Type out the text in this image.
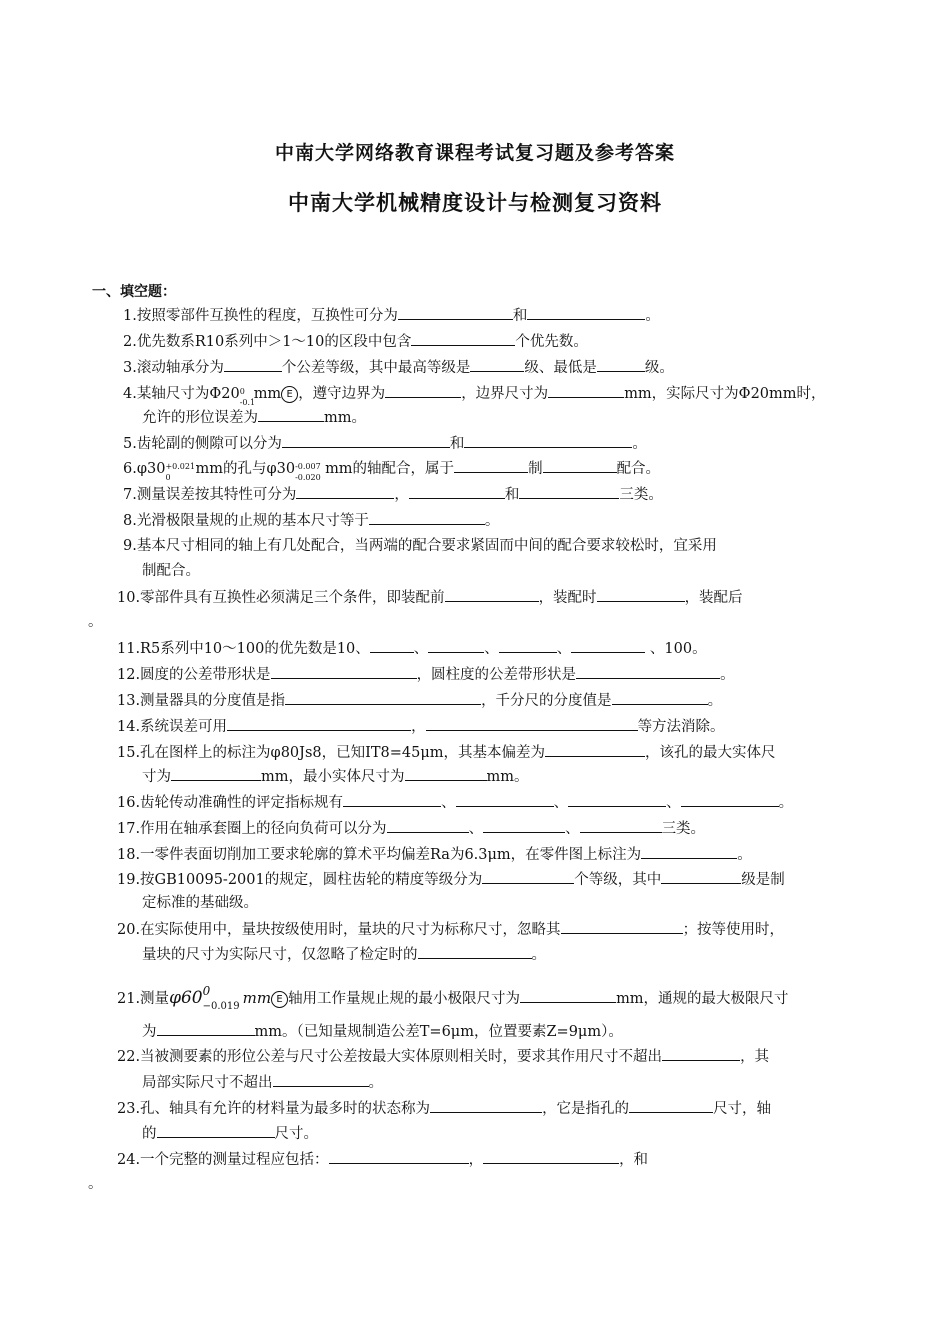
中南大学网络教育课程考试复习题及参考答案
中南大学机械精度设计与检测复习资料
一、填空题：
1.按照零部件互换性的程度，互换性可分为	和	。
2.优先数系R10系列中＞1～10的区段中包含	个优先数。
3.滚动轴承分为	个公差等级，其中最高等级是	级、最低是	级。
4.某轴尺寸为Φ20 0
-0.1
mm E ，遵守边界为	，边界尺寸为	mm，实际尺寸为Φ20mm时，
允许的形位误差为	mm。
5.齿轮副的侧隙可以分为	和	。
6.φ30 +0.021
0
mm的孔与φ30 -0.007
-0.020
mm的轴配合，属于	制	配合。
7.测量误差按其特性可分为	，	和	三类。
8.光滑极限量规的止规的基本尺寸等于	。
9.基本尺寸相同的轴上有几处配合，当两端的配合要求紧固而中间的配合要求较松时，宜采用
制配合。
10.零部件具有互换性必须满足三个条件，即装配前	，装配时	，装配后
。
11.R5系列中10～100的优先数是10、	、	、	、	、100。
12.圆度的公差带形状是	，圆柱度的公差带形状是	。
13.测量器具的分度值是指	，千分尺的分度值是	。
14.系统误差可用	，	等方法消除。
15.孔在图样上的标注为φ80Js8，已知IT8=45μm，其基本偏差为	，该孔的最大实体尺
寸为	mm，最小实体尺寸为	mm。
16.齿轮传动准确性的评定指标规有	、	、	、	。
17.作用在轴承套圈上的径向负荷可以分为	、	、	三类。
18.一零件表面切削加工要求轮廓的算术平均偏差Ra为6.3μm，在零件图上标注为	。
19.按GB10095-2001的规定，圆柱齿轮的精度等级分为	个等级，其中	级是制
定标准的基础级。
20.在实际使用中，量块按级使用时，量块的尺寸为标称尺寸，忽略其	；按等使用时，
量块的尺寸为实际尺寸，仅忽略了检定时的	。
21.测量φ60 0
−0.019 mm E 轴用工作量规止规的最小极限尺寸为	mm，通规的最大极限尺寸
为	mm。（已知量规制造公差T=6μm，位置要素Z=9μm）。
22.当被测要素的形位公差与尺寸公差按最大实体原则相关时，要求其作用尺寸不超出	，其
局部实际尺寸不超出	。
23.孔、轴具有允许的材料量为最多时的状态称为	，它是指孔的	尺寸，轴
的	尺寸。
24.一个完整的测量过程应包括：	，	，和
。
